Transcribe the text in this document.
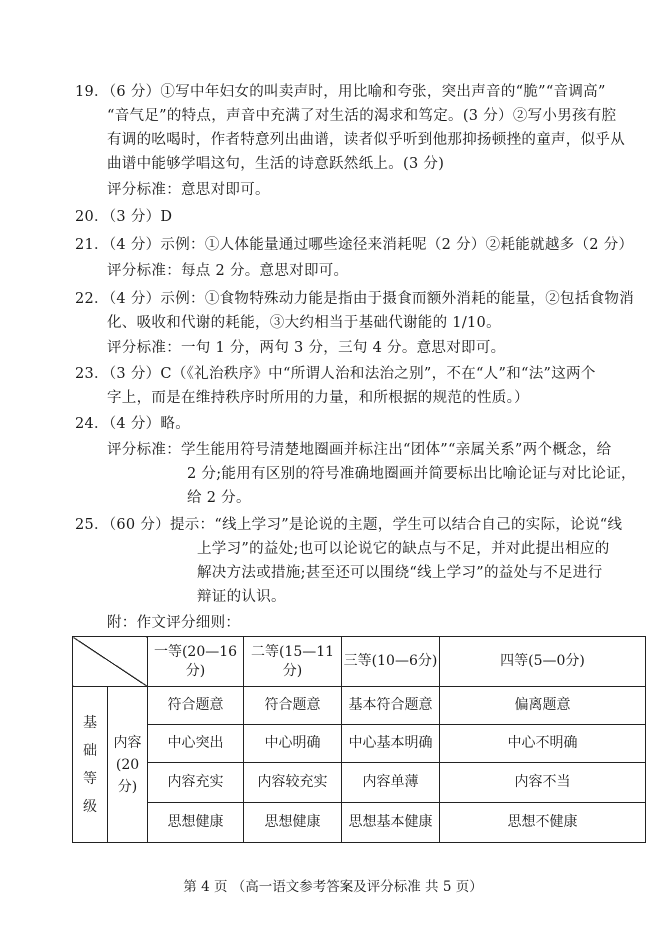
19．（6 分）①写中年妇女的叫卖声时，用比喻和夸张，突出声音的“脆”“音调高”
“音气足”的特点，声音中充满了对生活的渴求和笃定。(3 分）②写小男孩有腔
有调的吆喝时，作者特意列出曲谱，读者似乎听到他那抑扬顿挫的童声，似乎从
曲谱中能够学唱这句，生活的诗意跃然纸上。(3 分)
评分标准：意思对即可。
20．（3 分）D
21．（4 分）示例：①人体能量通过哪些途径来消耗呢（2 分）②耗能就越多（2 分）
评分标准：每点 2 分。意思对即可。
22．（4 分）示例：①食物特殊动力能是指由于摄食而额外消耗的能量，②包括食物消
化、吸收和代谢的耗能，③大约相当于基础代谢能的 1/10。
评分标准：一句 1 分，两句 3 分，三句 4 分。意思对即可。
23．（3 分）C（《礼治秩序》中“所谓人治和法治之别”，不在“人”和“法”这两个
字上，而是在维持秩序时所用的力量，和所根据的规范的性质。）
24．（4 分）略。
评分标准：学生能用符号清楚地圈画并标注出“团体”“亲属关系”两个概念，给
2 分;能用有区别的符号准确地圈画并简要标出比喻论证与对比论证，
给 2 分。
25．（60 分）提示：“线上学习”是论说的主题，学生可以结合自己的实际，论说“线
上学习”的益处;也可以论说它的缺点与不足，并对此提出相应的
解决方法或措施;甚至还可以围绕“线上学习”的益处与不足进行
辩证的认识。
附：作文评分细则：
		一等(20—16分)	二等(15—11分)	三等(10—6分)	四等(5—0分)
基础等级	内容(20分)	符合题意	符合题意	基本符合题意	偏离题意
		中心突出	中心明确	中心基本明确	中心不明确
		内容充实	内容较充实	内容单薄	内容不当
		思想健康	思想健康	思想基本健康	思想不健康
第 4 页 （高一语文参考答案及评分标准 共 5 页）
